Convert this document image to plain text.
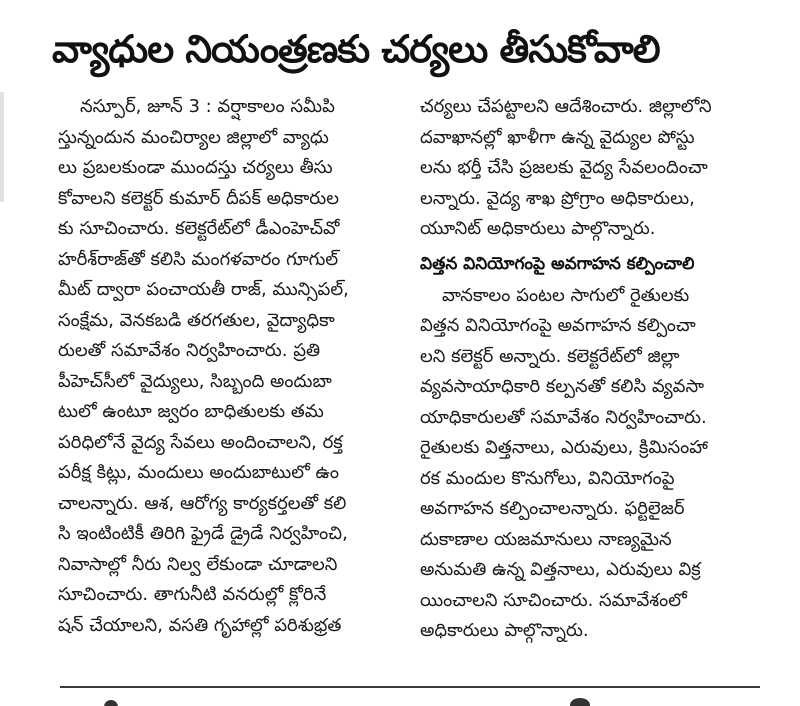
వ్యాధుల నియంత్రణకు చర్యలు తీసుకోవాలి
నస్పూర్‌, జూన్‌ 3 : వర్షాకాలం సమీపి
స్తున్నందున మంచిర్యాల జిల్లాలో వ్యాధు
లు ప్రబలకుండా ముందస్తు చర్యలు తీసు
కోవాలని కలెక్టర్‌ కుమార్‌ దీపక్‌ అధికారుల
కు సూచించారు. కలెక్టరేట్‌లో డీఎంహెచ్‌వో
హరీశ్‌రాజ్‌తో కలిసి మంగళవారం గూగుల్‌
మీట్‌ ద్వారా పంచాయతీ రాజ్‌, మున్సిపల్‌,
సంక్షేమ, వెనకబడి తరగతుల, వైద్యాధికా
రులతో సమావేశం నిర్వహించారు. ప్రతి
పీహెచ్‌సీలో వైద్యులు, సిబ్బంది అందుబా
టులో ఉంటూ జ్వరం బాధితులకు తమ
పరిధిలోనే వైద్య సేవలు అందించాలని, రక్త
పరీక్ష కిట్లు, మందులు అందుబాటులో ఉం
చాలన్నారు. ఆశ, ఆరోగ్య కార్యకర్తలతో కలి
సి ఇంటింటికీ తిరిగి ఫ్రైడే డ్రైడే నిర్వహించి,
నివాసాల్లో నీరు నిల్వ లేకుండా చూడాలని
సూచించారు. తాగునీటి వనరుల్లో క్లోరినే
షన్‌ చేయాలని, వసతి గృహాల్లో పరిశుభ్రత
చర్యలు చేపట్టాలని ఆదేశించారు. జిల్లాలోని
దవాఖానల్లో ఖాళీగా ఉన్న వైద్యుల పోస్టు
లను భర్తీ చేసి ప్రజలకు వైద్య సేవలందించా
లన్నారు. వైద్య శాఖ ప్రోగ్రాం అధికారులు,
యూనిట్‌ అధికారులు పాల్గొన్నారు.
విత్తన వినియోగంపై అవగాహన కల్పించాలి
వానకాలం పంటల సాగులో రైతులకు
విత్తన వినియోగంపై అవగాహన కల్పించా
లని కలెక్టర్‌ అన్నారు. కలెక్టరేట్‌లో జిల్లా
వ్యవసాయాధికారి కల్పనతో కలిసి వ్యవసా
యాధికారులతో సమావేశం నిర్వహించారు.
రైతులకు విత్తనాలు, ఎరువులు, క్రిమిసంహా
రక మందుల కొనుగోలు, వినియోగంపై
అవగాహన కల్పించాలన్నారు. ఫర్టిలైజర్‌
దుకాణాల యజమానులు నాణ్యమైన
అనుమతి ఉన్న విత్తనాలు, ఎరువులు విక్ర
యించాలని సూచించారు. సమావేశంలో
అధికారులు పాల్గొన్నారు.
